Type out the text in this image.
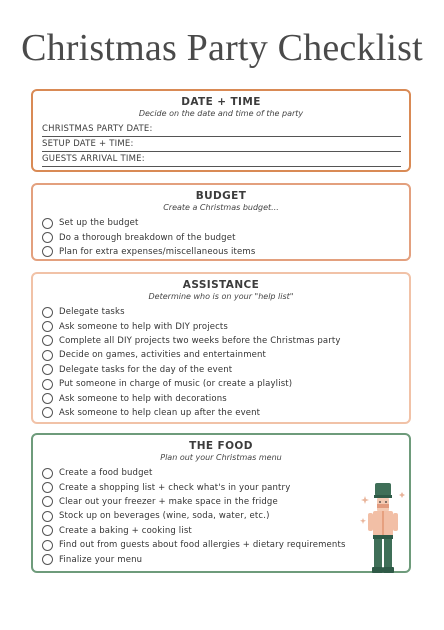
Christmas Party Checklist
DATE + TIME
Decide on the date and time of the party
CHRISTMAS PARTY DATE:
SETUP DATE + TIME:
GUESTS ARRIVAL TIME:
BUDGET
Create a Christmas budget...
Set up the budget
Do a thorough breakdown of the budget
Plan for extra expenses/miscellaneous items
ASSISTANCE
Determine who is on your "help list"
Delegate tasks
Ask someone to help with DIY projects
Complete all DIY projects two weeks before the Christmas party
Decide on games, activities and entertainment
Delegate tasks for the day of the event
Put someone in charge of music (or create a playlist)
Ask someone to help with decorations
Ask someone to help clean up after the event
THE FOOD
Plan out your Christmas menu
Create a food budget
Create a shopping list + check what's in your pantry
Clear out your freezer + make space in the fridge
Stock up on beverages (wine, soda, water, etc.)
Create a baking + cooking list
Find out from guests about food allergies + dietary requirements
Finalize your menu
